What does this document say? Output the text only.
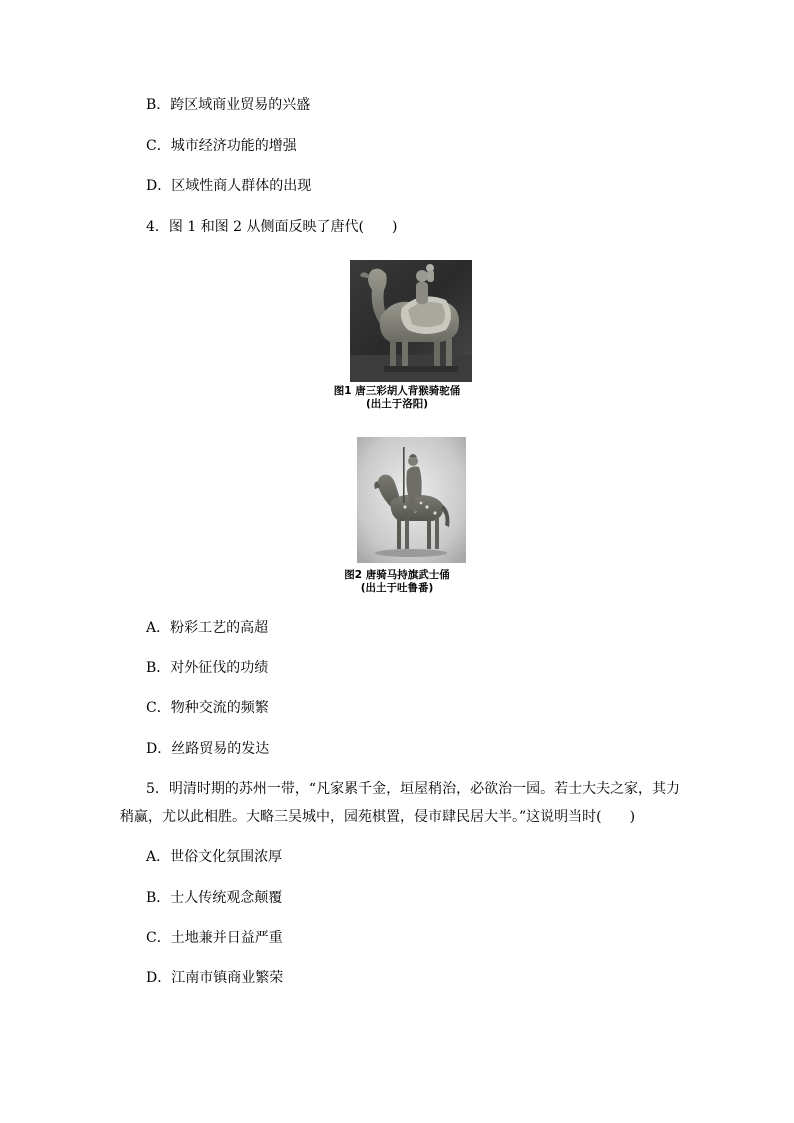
B．跨区域商业贸易的兴盛
C．城市经济功能的增强
D．区域性商人群体的出现
4．图 1 和图 2 从侧面反映了唐代(　　)
图1 唐三彩胡人背猴骑驼俑
(出土于洛阳)
图2 唐骑马持旗武士俑
(出土于吐鲁番)
A．粉彩工艺的高超
B．对外征伐的功绩
C．物种交流的频繁
D．丝路贸易的发达
5．明清时期的苏州一带，“凡家累千金，垣屋稍治，必欲治一园。若士大夫之家，其力
稍赢，尤以此相胜。大略三吴城中，园苑棋置，侵市肆民居大半。”这说明当时(　　)
A．世俗文化氛围浓厚
B．士人传统观念颠覆
C．土地兼并日益严重
D．江南市镇商业繁荣
